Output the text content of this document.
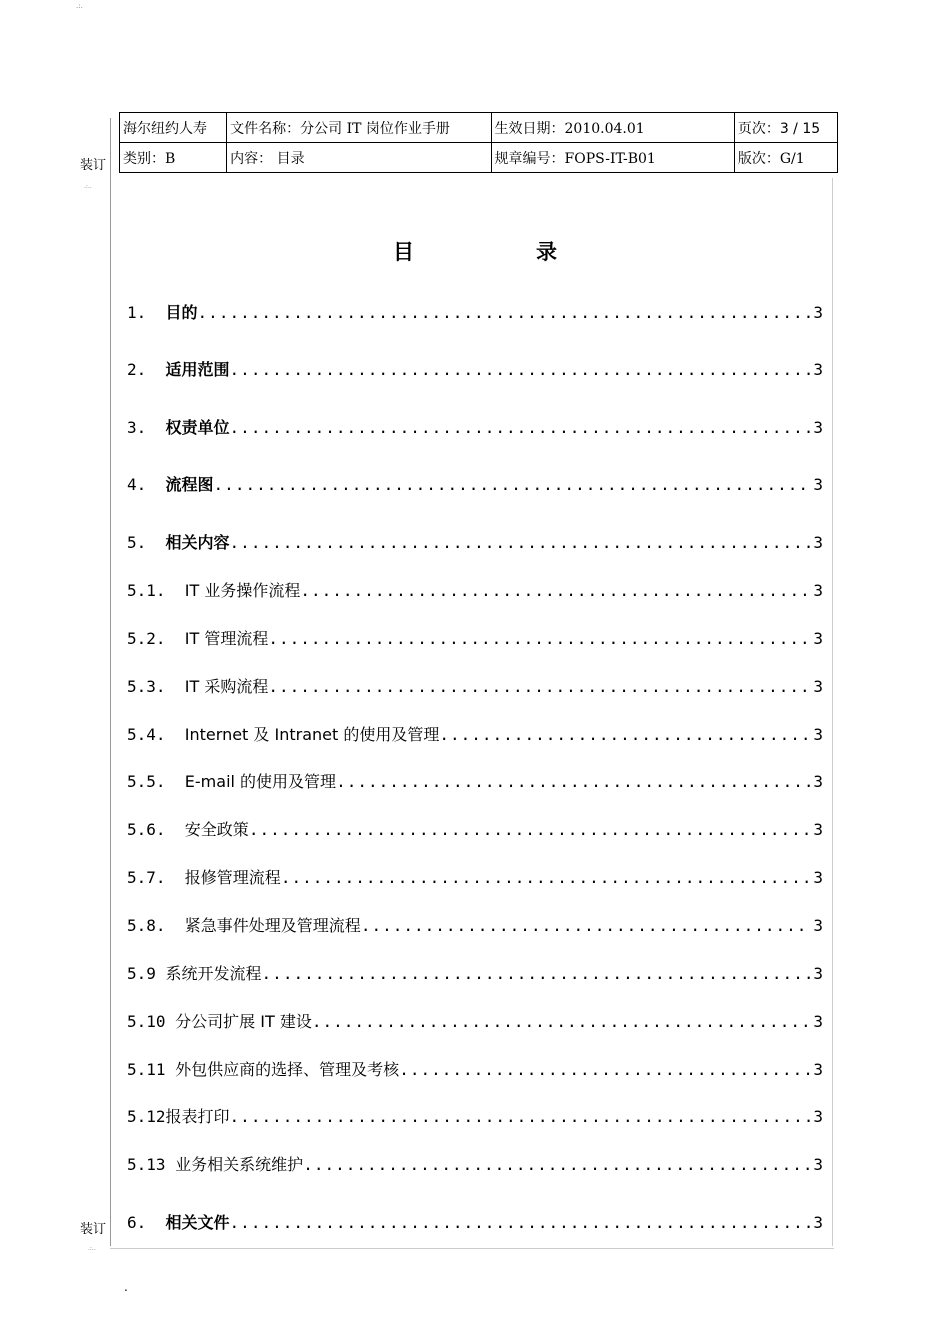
.:.
装订
.:..
装订
.:..
海尔纽约人寿	文件名称：分公司 IT 岗位作业手册	生效日期：2010.04.01	页次：3 / 15
类别：B	内容： 目录	规章编号：FOPS-IT-B01	版次：G/1
目	录
1. 目的 .....	3
2. 适用范围 .....	3
3. 权责单位 .....	3
4. 流程图 .....	3
5. 相关内容 .....	3
5.1. IT 业务操作流程 .....	3
5.2. IT 管理流程 .....	3
5.3. IT 采购流程 .....	3
5.4. Internet 及 Intranet 的使用及管理 .....	3
5.5. E-mail 的使用及管理 .....	3
5.6. 安全政策 .....	3
5.7. 报修管理流程 .....	3
5.8. 紧急事件处理及管理流程 .....	3
5.9 系统开发流程 .....	3
5.10 分公司扩展 IT 建设 .....	3
5.11 外包供应商的选择、管理及考核 .....	3
5.12 报表打印 .....	3
5.13 业务相关系统维护 .....	3
6. 相关文件 .....	3
.
